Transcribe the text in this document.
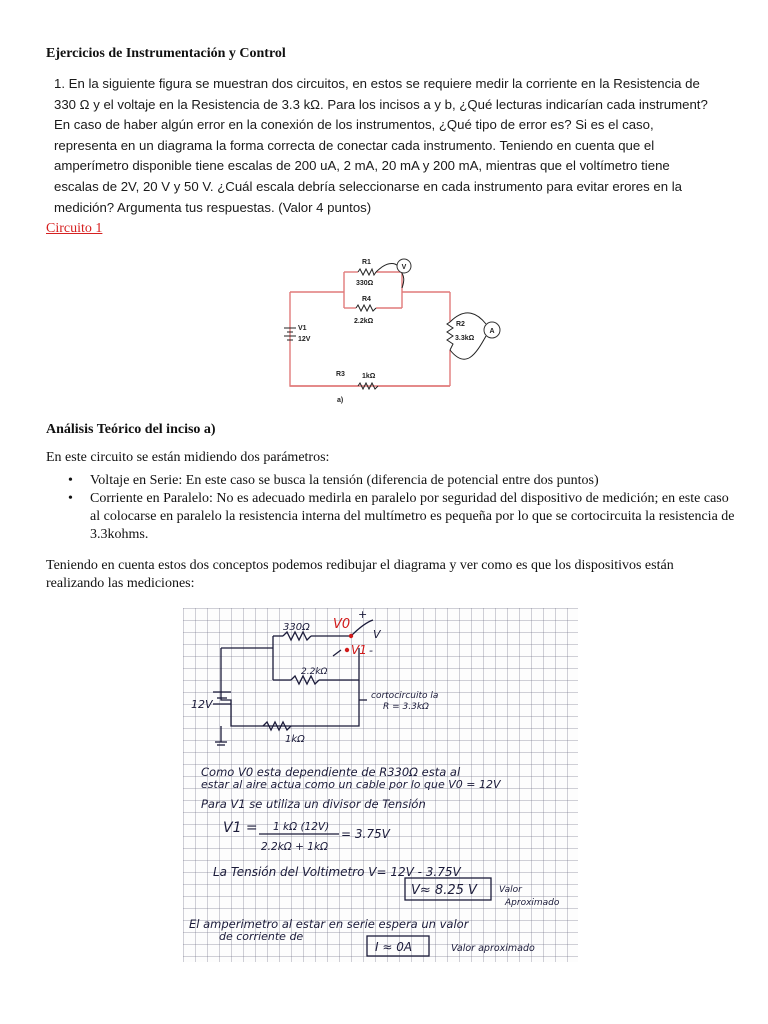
Ejercicios de Instrumentación y Control
1. En la siguiente figura se muestran dos circuitos, en estos se requiere medir la corriente en la Resistencia de
330 Ω y el voltaje en la Resistencia de 3.3 kΩ. Para los incisos a y b, ¿Qué lecturas indicarían cada instrument?
En caso de haber algún error en la conexión de los instrumentos, ¿Qué tipo de error es? Si es el caso,
representa en un diagrama la forma correcta de conectar cada instrumento. Teniendo en cuenta que el
amperímetro disponible tiene escalas de 200 uA, 2 mA, 20 mA y 200 mA, mientras que el voltímetro tiene
escalas de 2V, 20 V y 50 V. ¿Cuál escala debría seleccionarse en cada instrumento para evitar erores en la
medición? Argumenta tus respuestas. (Valor 4 puntos)
Circuito 1
V
A
R1
330Ω
R4
2.2kΩ	R2
3.3kΩ
R3 1kΩ
V1
12V
a)
Análisis Teórico del inciso a)
En este circuito se están midiendo dos parámetros:
• Voltaje en Serie: En este caso se busca la tensión (diferencia de potencial entre dos puntos)
• Corriente en Paralelo: No es adecuado medirla en paralelo por seguridad del dispositivo de medición; en este caso al colocarse en paralelo la resistencia interna del multímetro es pequeña por lo que se cortocircuita la resistencia de 3.3kohms.
Teniendo en cuenta estos dos conceptos podemos redibujar el diagrama y ver como es que los dispositivos están realizando las mediciones:
330Ω V0
+
V
V1 -
2.2kΩ
12V
cortocircuito la
R = 3.3kΩ
1kΩ
Como V0 esta dependiente de R330Ω esta al
estar al aire actua como un cable por lo que V0 = 12V
Para V1 se utiliza un divisor de Tensión
V1 = 1 kΩ (12V)
2.2kΩ + 1kΩ
= 3.75V
La Tensión del Voltimetro V= 12V - 3.75V
V≈ 8.25 V Valor
Aproximado
El amperimetro al estar en serie espera un valor
de corriente de
I ≈ 0A	Valor aproximado
